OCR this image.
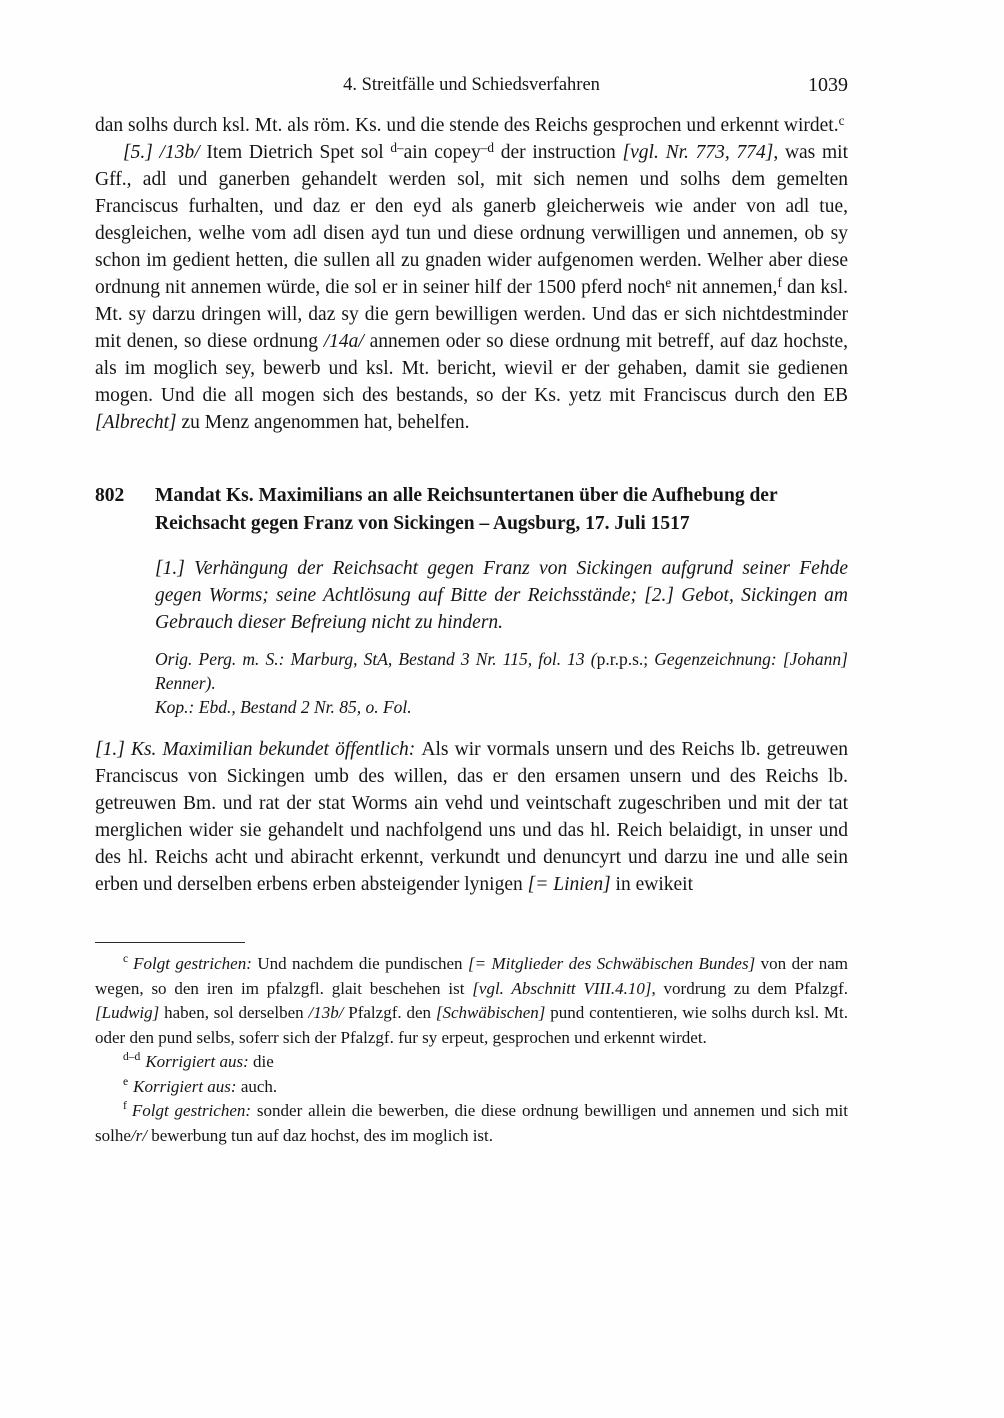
4. Streitfälle und Schiedsverfahren	1039

dan solhs durch ksl. Mt. als röm. Ks. und die stende des Reichs gesprochen und erkennt wirdet.$^c$

[5.] /13b/ Item Dietrich Spet sol $^{d-}$ain copey$^{-d}$ der instruction [vgl. Nr. 773, 774], was mit Gff., adl und ganerben gehandelt werden sol, mit sich nemen und solhs dem gemelten Franciscus furhalten, und daz er den eyd als ganerb gleicherweis wie ander von adl tue, desgleichen, welhe vom adl disen ayd tun und diese ordnung verwilligen und annemen, ob sy schon im gedient hetten, die sullen all zu gnaden wider aufgenomen werden. Welher aber diese ordnung nit annemen würde, die sol er in seiner hilf der 1500 pferd noch$^e$ nit annemen,$^f$ dan ksl. Mt. sy darzu dringen will, daz sy die gern bewilligen werden. Und das er sich nichtdestminder mit denen, so diese ordnung /14a/ annemen oder so diese ordnung mit betreff, auf daz hochste, als im moglich sey, bewerb und ksl. Mt. bericht, wievil er der gehaben, damit sie gedienen mogen. Und die all mogen sich des bestands, so der Ks. yetz mit Franciscus durch den EB [Albrecht] zu Menz angenommen hat, behelfen.

802	Mandat Ks. Maximilians an alle Reichsuntertanen über die Aufhebung der Reichsacht gegen Franz von Sickingen – Augsburg, 17. Juli 1517

[1.] Verhängung der Reichsacht gegen Franz von Sickingen aufgrund seiner Fehde gegen Worms; seine Achtlösung auf Bitte der Reichsstände; [2.] Gebot, Sickingen am Gebrauch dieser Befreiung nicht zu hindern.

Orig. Perg. m. S.: Marburg, StA, Bestand 3 Nr. 115, fol. 13 (p.r.p.s.; Gegenzeichnung: [Johann] Renner).

Kop.: Ebd., Bestand 2 Nr. 85, o. Fol.

[1.] Ks. Maximilian bekundet öffentlich: Als wir vormals unsern und des Reichs lb. getreuwen Franciscus von Sickingen umb des willen, das er den ersamen unsern und des Reichs lb. getreuwen Bm. und rat der stat Worms ain vehd und veintschaft zugeschriben und mit der tat merglichen wider sie gehandelt und nachfolgend uns und das hl. Reich belaidigt, in unser und des hl. Reichs acht und abiracht erkennt, verkundt und denuncyrt und darzu ine und alle sein erben und derselben erbens erben absteigender lynigen [= Linien] in ewikeit

$^c$ Folgt gestrichen: Und nachdem die pundischen [= Mitglieder des Schwäbischen Bundes] von der nam wegen, so den iren im pfalzgfl. glait beschehen ist [vgl. Abschnitt VIII.4.10], vordrung zu dem Pfalzgf. [Ludwig] haben, sol derselben /13b/ Pfalzgf. den [Schwäbischen] pund contentieren, wie solhs durch ksl. Mt. oder den pund selbs, soferr sich der Pfalzgf. fur sy erpeut, gesprochen und erkennt wirdet.

$^{d-d}$ Korrigiert aus: die

$^e$ Korrigiert aus: auch.

$^f$ Folgt gestrichen: sonder allein die bewerben, die diese ordnung bewilligen und annemen und sich mit solhe/r/ bewerbung tun auf daz hochst, des im moglich ist.
